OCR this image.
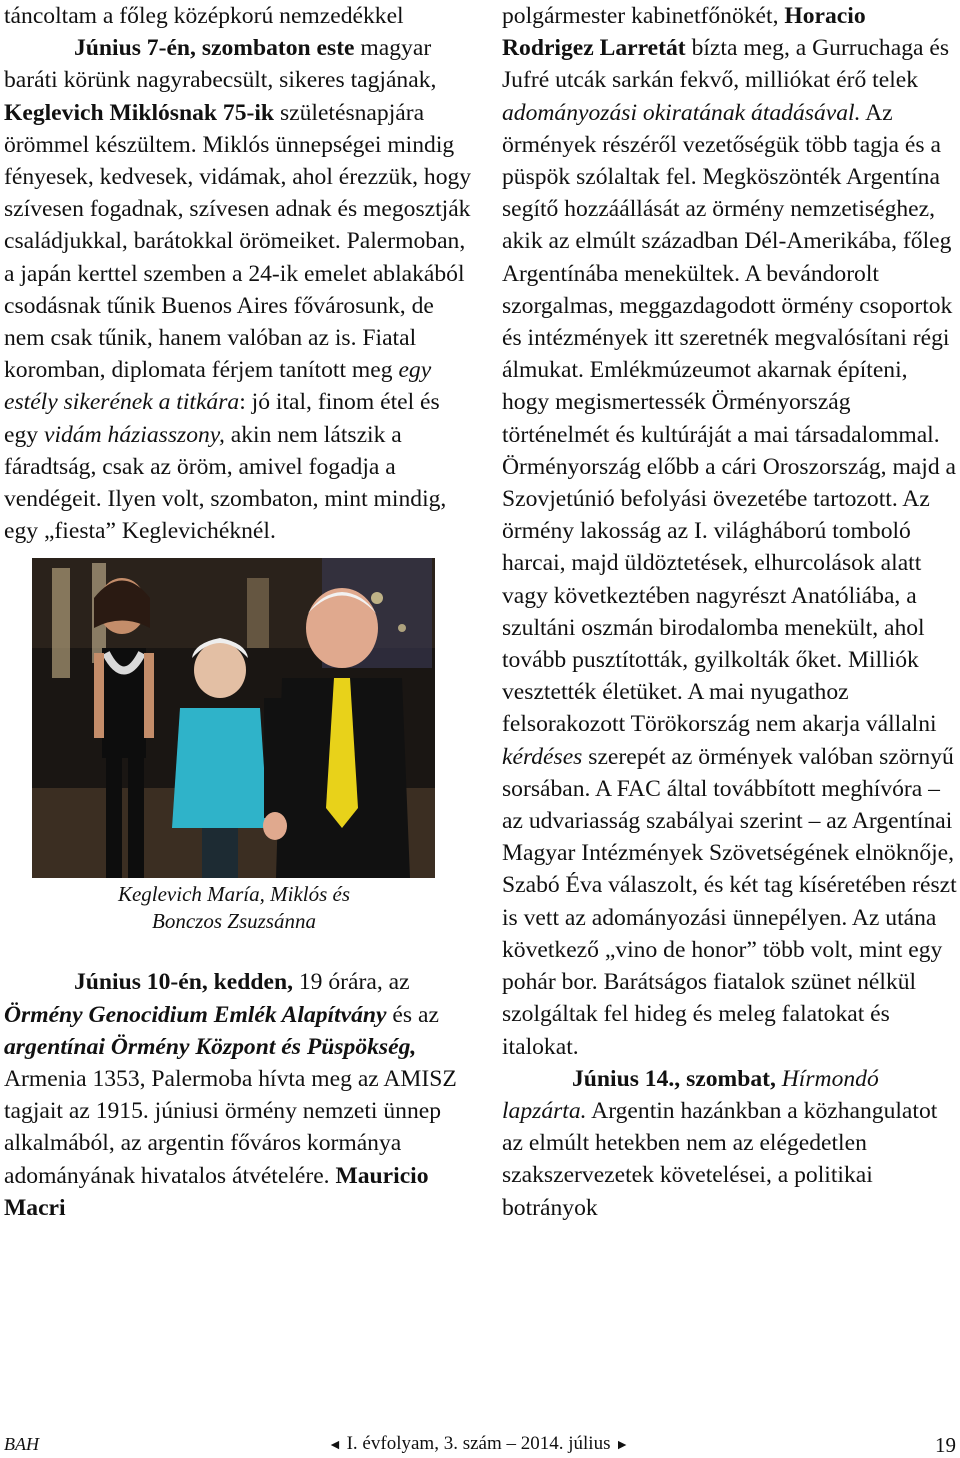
táncoltam a főleg középkorú nemzedékkel

Június 7-én, szombaton este magyar baráti körünk nagyrabecsült, sikeres tagjának, Keglevich Miklósnak 75-ik születésnapjára örömmel készültem. Miklós ünnepségei mindig fényesek, kedvesek, vidámak, ahol érezzük, hogy szívesen fogadnak, szívesen adnak és megosztják családjukkal, barátokkal örömeiket. Palermoban, a japán kerttel szemben a 24-ik emelet ablakából csodásnak tűnik Buenos Aires fővárosunk, de nem csak tűnik, hanem valóban az is. Fiatal koromban, diplomata férjem tanított meg egy estély sikerének a titkára: jó ital, finom étel és egy vidám háziasszony, akin nem látszik a fáradtság, csak az öröm, amivel fogadja a vendégeit. Ilyen volt, szombaton, mint mindig, egy „fiesta” Keglevichéknél.

Keglevich María, Miklós és
Bonczos Zsuzsánna

Június 10-én, kedden, 19 órára, az Örmény Genocidium Emlék Alapítvány és az argentínai Örmény Központ és Püspökség, Armenia 1353, Palermoba hívta meg az AMISZ tagjait az 1915. júniusi örmény nemzeti ünnep alkalmából, az argentin főváros kormánya adományának hivatalos átvételére. Mauricio Macri

polgármester kabinetfőnökét, Horacio Rodrigez Larretát bízta meg, a Gurruchaga és Jufré utcák sarkán fekvő, milliókat érő telek adományozási okiratának átadásával. Az örmények részéről vezetőségük több tagja és a püspök szólaltak fel. Megköszönték Argentína segítő hozzáállását az örmény nemzetiséghez, akik az elmúlt században Dél-Amerikába, főleg Argentínába menekültek. A bevándorolt szorgalmas, meggazdagodott örmény csoportok és intézmények itt szeretnék megvalósítani régi álmukat. Emlékmúzeumot akarnak építeni, hogy megismertessék Örményország történelmét és kultúráját a mai társadalommal. Örményország előbb a cári Oroszország, majd a Szovjetúnió befolyási övezetébe tartozott. Az örmény lakosság az I. világháború tomboló harcai, majd üldöztetések, elhurcolások alatt vagy következtében nagyrészt Anatóliába, a szultáni oszmán birodalomba menekült, ahol tovább pusztították, gyilkolták őket. Milliók vesztették életüket. A mai nyugathoz felsorakozott Törökország nem akarja vállalni kérdéses szerepét az örmények valóban szörnyű sorsában. A FAC által továbbított meghívóra – az udvariasság szabályai szerint – az Argentínai Magyar Intézmények Szövetségének elnöknője, Szabó Éva válaszolt, és két tag kíséretében részt is vett az adományozási ünnepélyen. Az utána következő „vino de honor” több volt, mint egy pohár bor. Barátságos fiatalok szünet nélkül szolgáltak fel hideg és meleg falatokat és italokat.

Június 14., szombat, Hírmondó lapzárta. Argentin hazánkban a közhangulatot az elmúlt hetekben nem az elégedetlen szakszervezetek követelései, a politikai botrányok

BAH	◄ I. évfolyam, 3. szám – 2014. július ►	19
